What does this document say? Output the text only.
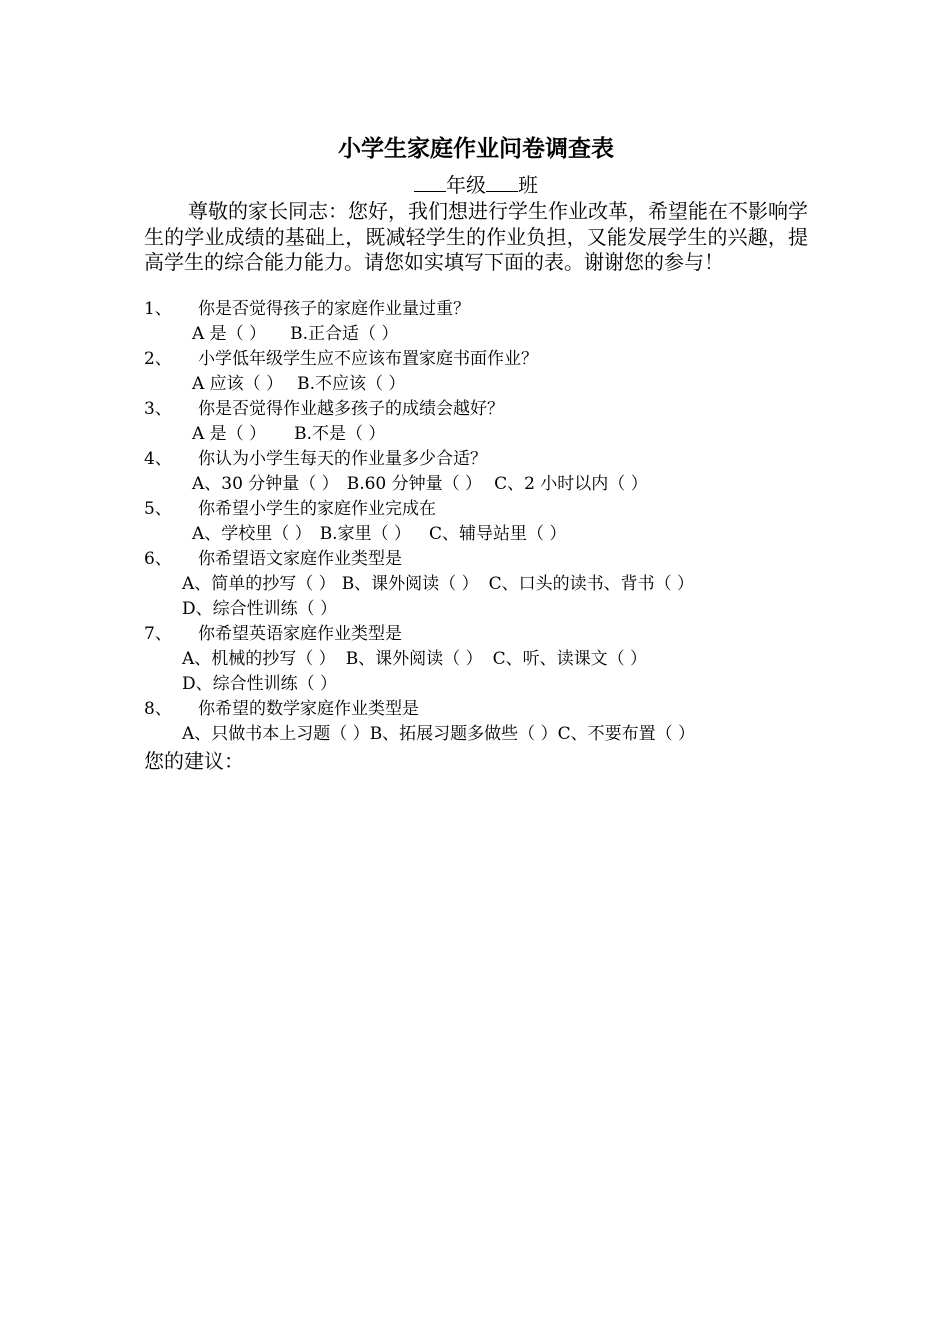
小学生家庭作业问卷调查表
年级 班
尊敬的家长同志：您好，我们想进行学生作业改革，希望能在不影响学生的学业成绩的基础上，既减轻学生的作业负担，又能发展学生的兴趣，提高学生的综合能力能力。请您如实填写下面的表。谢谢您的参与！
1、 你是否觉得孩子的家庭作业量过重？
A 是（ ） B.正合适（ ）
2、 小学低年级学生应不应该布置家庭书面作业？
A 应该（ ） B.不应该（ ）
3、 你是否觉得作业越多孩子的成绩会越好？
A 是（ ） B.不是（ ）
4、 你认为小学生每天的作业量多少合适？
A、30 分钟量（ ） B.60 分钟量（ ） C、2 小时以内（ ）
5、 你希望小学生的家庭作业完成在
A、学校里（ ） B.家里（ ） C、辅导站里（ ）
6、 你希望语文家庭作业类型是
A、简单的抄写（ ） B、课外阅读（ ） C、口头的读书、背书（ ）
D、综合性训练（ ）
7、 你希望英语家庭作业类型是
A、机械的抄写（ ） B、课外阅读（ ） C、听、读课文（ ）
D、综合性训练（ ）
8、 你希望的数学家庭作业类型是
A、只做书本上习题（ ）B、拓展习题多做些（ ）C、不要布置（ ）
您的建议：
